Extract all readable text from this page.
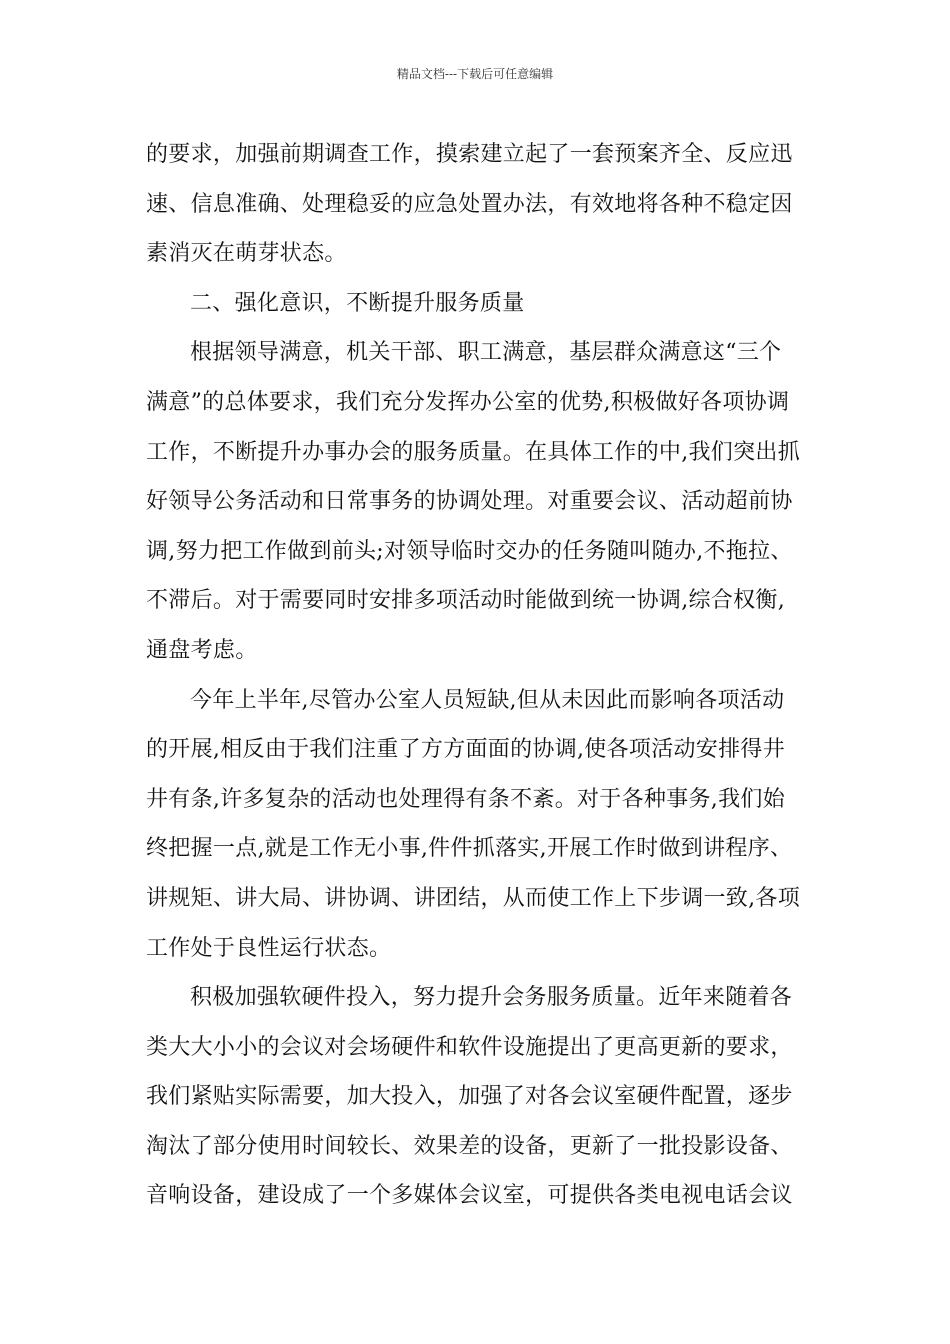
精品文档---下载后可任意编辑
的要求，加强前期调查工作，摸索建立起了一套预案齐全、反应迅
速、信息准确、处理稳妥的应急处置办法，有效地将各种不稳定因
素消灭在萌芽状态。
二、强化意识，不断提升服务质量
根据领导满意，机关干部、职工满意，基层群众满意这“三个
满意”的总体要求，我们充分发挥办公室的优势,积极做好各项协调
工作，不断提升办事办会的服务质量。在具体工作的中,我们突出抓
好领导公务活动和日常事务的协调处理。对重要会议、活动超前协
调,努力把工作做到前头;对领导临时交办的任务随叫随办,不拖拉、
不滞后。对于需要同时安排多项活动时能做到统一协调,综合权衡,
通盘考虑。
今年上半年,尽管办公室人员短缺,但从未因此而影响各项活动
的开展,相反由于我们注重了方方面面的协调,使各项活动安排得井
井有条,许多复杂的活动也处理得有条不紊。对于各种事务,我们始
终把握一点,就是工作无小事,件件抓落实,开展工作时做到讲程序、
讲规矩、讲大局、讲协调、讲团结，从而使工作上下步调一致,各项
工作处于良性运行状态。
积极加强软硬件投入，努力提升会务服务质量。近年来随着各
类大大小小的会议对会场硬件和软件设施提出了更高更新的要求，
我们紧贴实际需要，加大投入，加强了对各会议室硬件配置，逐步
淘汰了部分使用时间较长、效果差的设备，更新了一批投影设备、
音响设备，建设成了一个多媒体会议室，可提供各类电视电话会议
